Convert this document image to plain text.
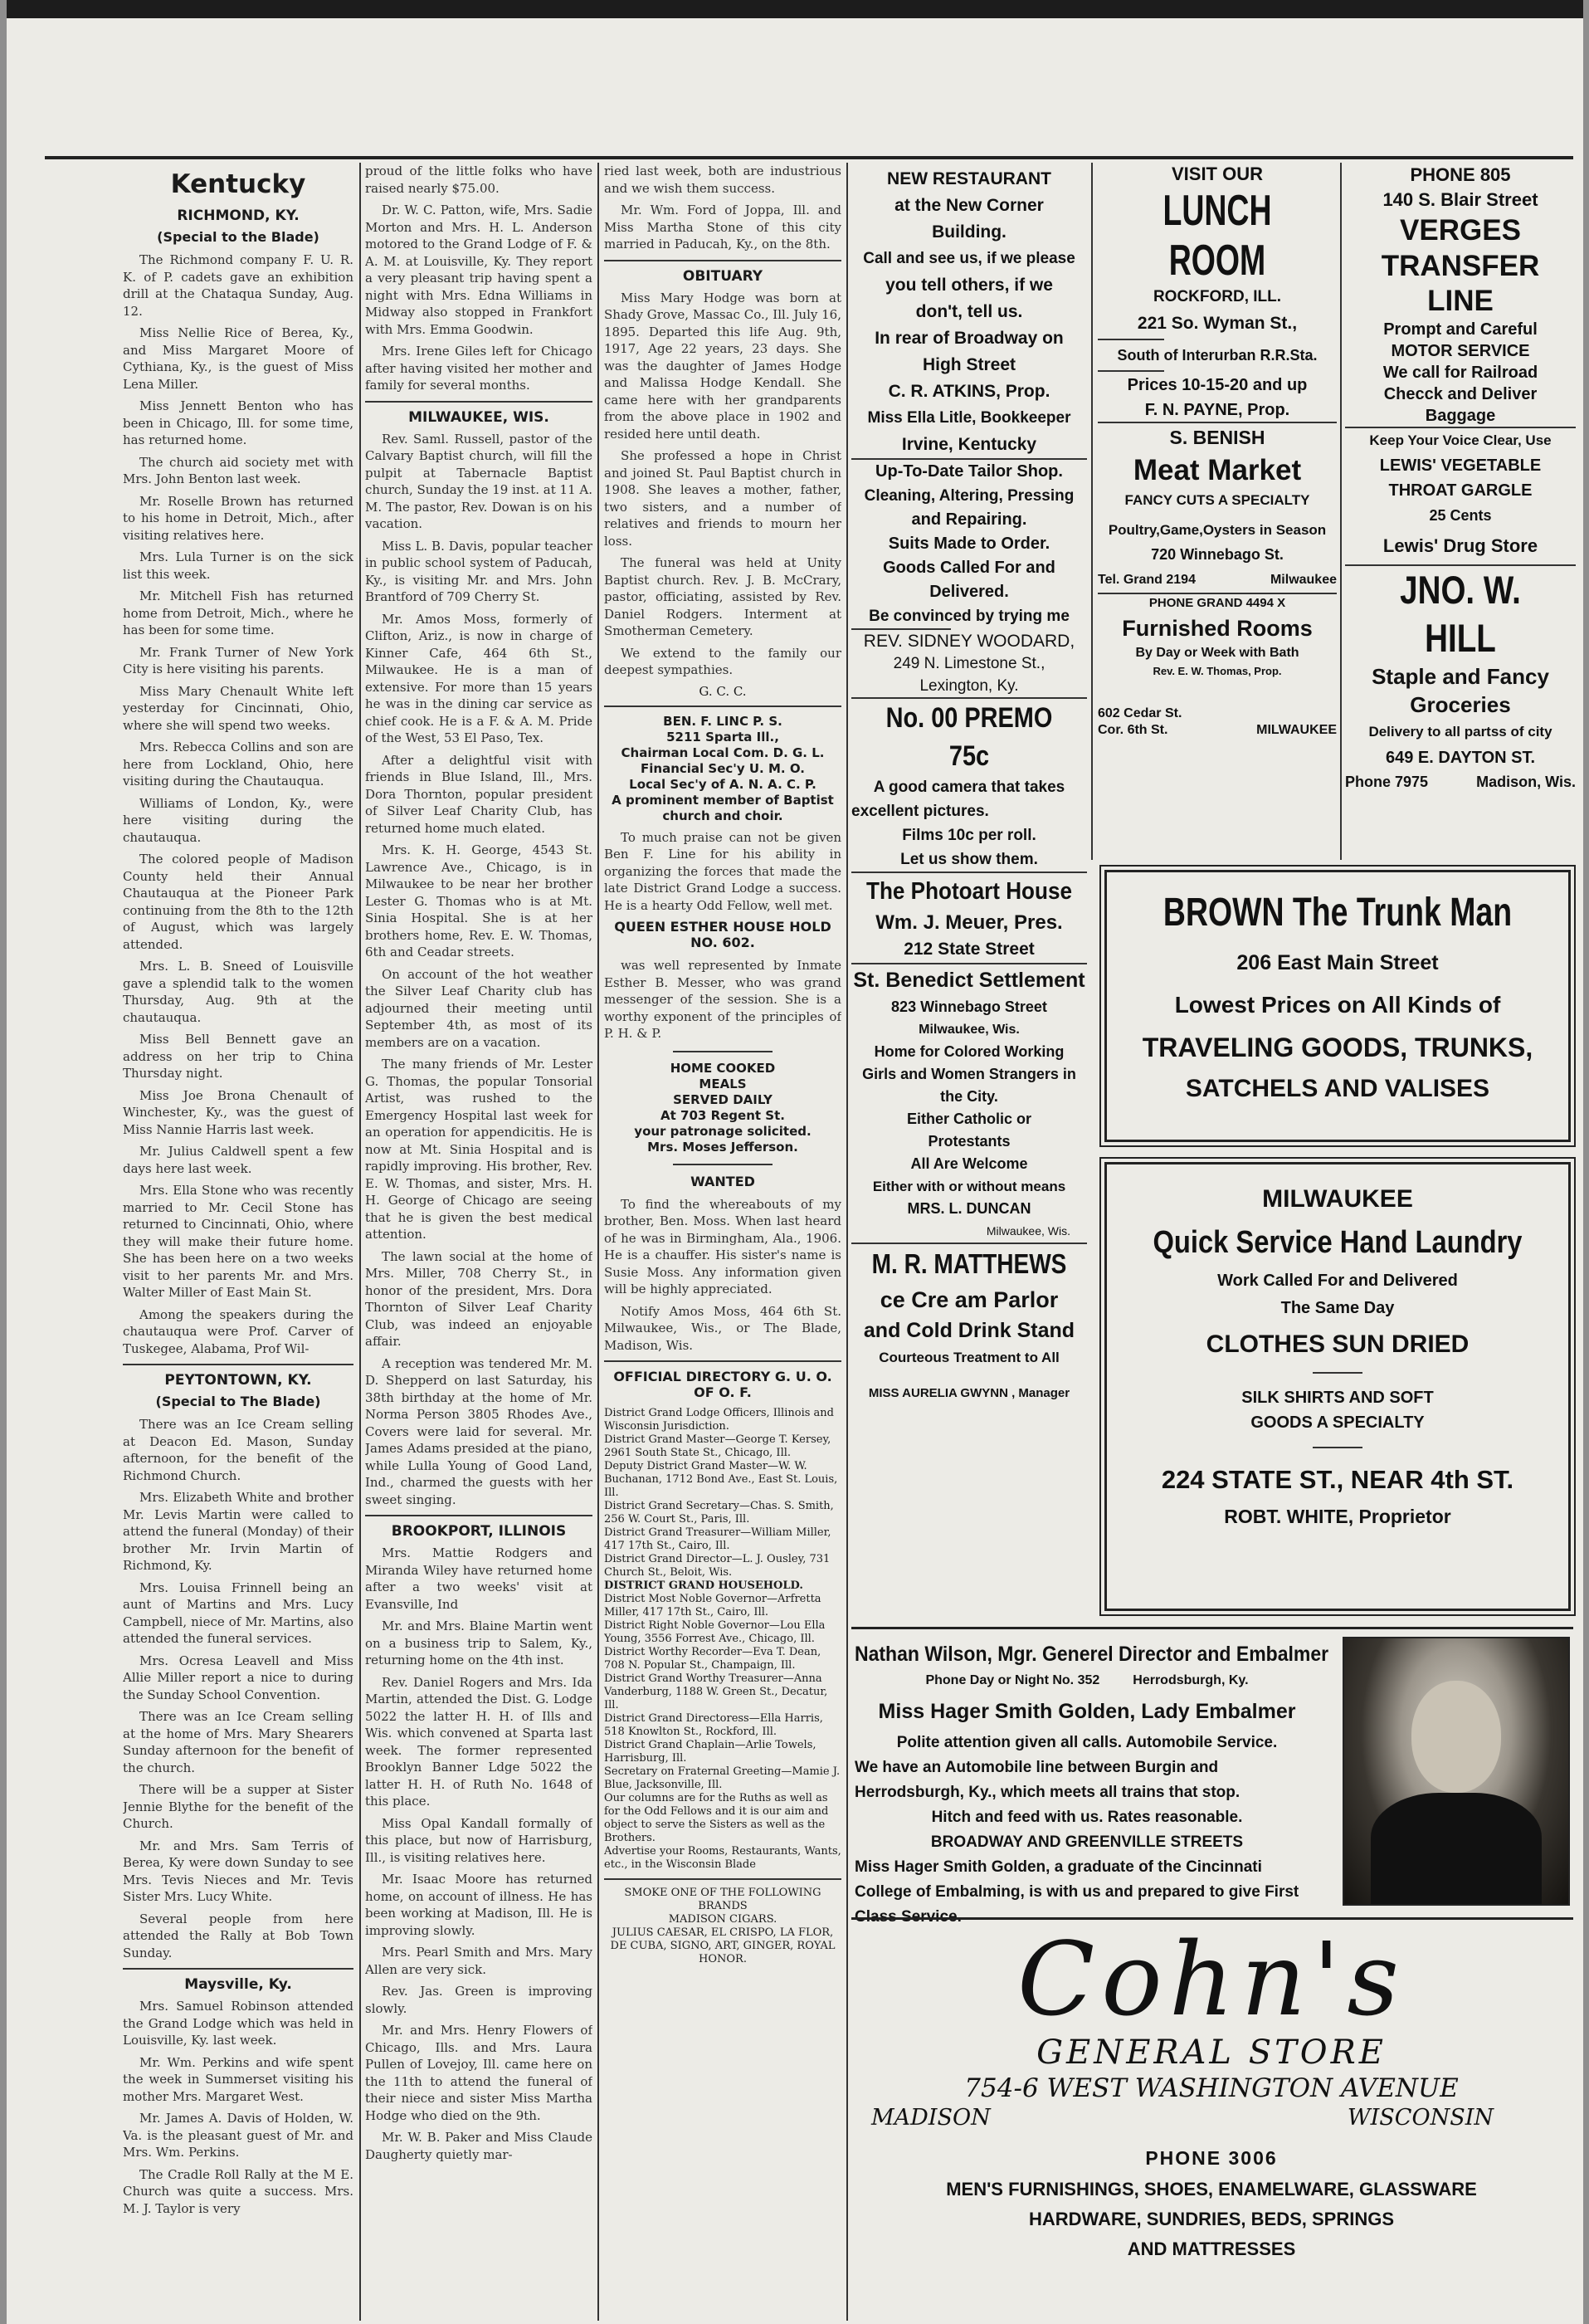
Kentucky
RICHMOND, KY.
(Special to the Blade)

The Richmond company F. U. R. K. of P. cadets gave an exhibition drill at the Chataqua Sunday, Aug. 12.

Miss Nellie Rice of Berea, Ky., and Miss Margaret Moore of Cythiana, Ky., is the guest of Miss Lena Miller.

Miss Jennett Benton who has been in Chicago, Ill. for some time, has returned home.

The church aid society met with Mrs. John Benton last week.

Mr. Roselle Brown has returned to his home in Detroit, Mich., after visiting relatives here.

Mrs. Lula Turner is on the sick list this week.

Mr. Mitchell Fish has returned home from Detroit, Mich., where he has been for some time.

Mr. Frank Turner of New York City is here visiting his parents.

Miss Mary Chenault White left yesterday for Cincinnati, Ohio, where she will spend two weeks.

Mrs. Rebecca Collins and son are here from Lockland, Ohio, here visiting during the Chautauqua.

Williams of London, Ky., were here visiting during the chautauqua.

The colored people of Madison County held their Annual Chautauqua at the Pioneer Park continuing from the 8th to the 12th of August, which was largely attended.

Mrs. L. B. Sneed of Louisville gave a splendid talk to the women Thursday, Aug. 9th at the chautauqua.

Miss Bell Bennett gave an address on her trip to China Thursday night.

Miss Joe Brona Chenault of Winchester, Ky., was the guest of Miss Nannie Harris last week.

Mr. Julius Caldwell spent a few days here last week.

Mrs. Ella Stone who was recently married to Mr. Cecil Stone has returned to Cincinnati, Ohio, where they will make their future home. She has been here on a two weeks visit to her parents Mr. and Mrs. Walter Miller of East Main St.

Among the speakers during the chautauqua were Prof. Carver of Tuskegee, Alabama, Prof Wil-

PEYTONTOWN, KY.
(Special to The Blade)

There was an Ice Cream selling at Deacon Ed. Mason, Sunday afternoon, for the benefit of the Richmond Church.

Mrs. Elizabeth White and brother Mr. Levis Martin were called to attend the funeral (Monday) of their brother Mr. Irvin Martin of Richmond, Ky.

Mrs. Louisa Frinnell being an aunt of Martins and Mrs. Lucy Campbell, niece of Mr. Martins, also attended the funeral services.

Mrs. Ocresa Leavell and Miss Allie Miller report a nice to during the Sunday School Convention.

There was an Ice Cream selling at the home of Mrs. Mary Shearers Sunday afternoon for the benefit of the church.

There will be a supper at Sister Jennie Blythe for the benefit of the Church.

Mr. and Mrs. Sam Terris of Berea, Ky were down Sunday to see Mrs. Tevis Nieces and Mr. Tevis Sister Mrs. Lucy White.

Several people from here attended the Rally at Bob Town Sunday.

Maysville, Ky.

Mrs. Samuel Robinson attended the Grand Lodge which was held in Louisville, Ky. last week.

Mr. Wm. Perkins and wife spent the week in Summerset visiting his mother Mrs. Margaret West.

Mr. James A. Davis of Holden, W. Va. is the pleasant guest of Mr. and Mrs. Wm. Perkins.

The Cradle Roll Rally at the M E. Church was quite a success. Mrs. M. J. Taylor is very

proud of the little folks who have raised nearly $75.00.

Dr. W. C. Patton, wife, Mrs. Sadie Morton and Mrs. H. L. Anderson motored to the Grand Lodge of F. & A. M. at Louisville, Ky. They report a very pleasant trip having spent a night with Mrs. Edna Williams in Midway also stopped in Frankfort with Mrs. Emma Goodwin.

Mrs. Irene Giles left for Chicago after having visited her mother and family for several months.

MILWAUKEE, WIS.

Rev. Saml. Russell, pastor of the Calvary Baptist church, will fill the pulpit at Tabernacle Baptist church, Sunday the 19 inst. at 11 A. M. The pastor, Rev. Dowan is on his vacation.

Miss L. B. Davis, popular teacher in public school system of Paducah, Ky., is visiting Mr. and Mrs. John Brantford of 709 Cherry St.

Mr. Amos Moss, formerly of Clifton, Ariz., is now in charge of Kinner Cafe, 464 6th St., Milwaukee. He is a man of extensive. For more than 15 years he was in the dining car service as chief cook. He is a F. & A. M. Pride of the West, 53 El Paso, Tex.

After a delightful visit with friends in Blue Island, Ill., Mrs. Dora Thornton, popular president of Silver Leaf Charity Club, has returned home much elated.

Mrs. K. H. George, 4543 St. Lawrence Ave., Chicago, is in Milwaukee to be near her brother Lester G. Thomas who is at Mt. Sinia Hospital. She is at her brothers home, Rev. E. W. Thomas, 6th and Ceadar streets.

On account of the hot weather the Silver Leaf Charity club has adjourned their meeting until September 4th, as most of its members are on a vacation.

The many friends of Mr. Lester G. Thomas, the popular Tonsorial Artist, was rushed to the Emergency Hospital last week for an operation for appendicitis. He is now at Mt. Sinia Hospital and is rapidly improving. His brother, Rev. E. W. Thomas, and sister, Mrs. H. H. George of Chicago are seeing that he is given the best medical attention.

The lawn social at the home of Mrs. Miller, 708 Cherry St., in honor of the president, Mrs. Dora Thornton of Silver Leaf Charity Club, was indeed an enjoyable affair.

A reception was tendered Mr. M. D. Shepperd on last Saturday, his 38th birthday at the home of Mr. Norma Person 3805 Rhodes Ave., Covers were laid for several. Mr. James Adams presided at the piano, while Lulla Young of Good Land, Ind., charmed the guests with her sweet singing.

BROOKPORT, ILLINOIS

Mrs. Mattie Rodgers and Miranda Wiley have returned home after a two weeks' visit at Evansville, Ind

Mr. and Mrs. Blaine Martin went on a business trip to Salem, Ky., returning home on the 4th inst.

Rev. Daniel Rogers and Mrs. Ida Martin, attended the Dist. G. Lodge 5022 the latter H. H. of Ills and Wis. which convened at Sparta last week. The former represented Brooklyn Banner Ldge 5022 the latter H. H. of Ruth No. 1648 of this place.

Miss Opal Kandall formally of this place, but now of Harrisburg, Ill., is visiting relatives here.

Mr. Isaac Moore has returned home, on account of illness. He has been working at Madison, Ill. He is improving slowly.

Mrs. Pearl Smith and Mrs. Mary Allen are very sick.

Rev. Jas. Green is improving slowly.

Mr. and Mrs. Henry Flowers of Chicago, Ills. and Mrs. Laura Pullen of Lovejoy, Ill. came here on the 11th to attend the funeral of their niece and sister Miss Martha Hodge who died on the 9th.

Mr. W. B. Paker and Miss Claude Daugherty quietly mar-

ried last week, both are industrious and we wish them success.

Mr. Wm. Ford of Joppa, Ill. and Miss Martha Stone of this city married in Paducah, Ky., on the 8th.

OBITUARY

Miss Mary Hodge was born at Shady Grove, Massac Co., Ill. July 16, 1895. Departed this life Aug. 9th, 1917, Age 22 years, 23 days. She was the daughter of James Hodge and Malissa Hodge Kendall. She came here with her grandparents from the above place in 1902 and resided here until death.

She professed a hope in Christ and joined St. Paul Baptist church in 1908. She leaves a mother, father, two sisters, and a number of relatives and friends to mourn her loss.

The funeral was held at Unity Baptist church. Rev. J. B. McCrary, pastor, officiating, assisted by Rev. Daniel Rodgers. Interment at Smotherman Cemetery.

We extend to the family our deepest sympathies.

G. C. C.
BEN. F. LINC P. S.
5211 Sparta Ill.,
Chairman Local Com. D. G. L.
Financial Sec'y U. M. O.
Local Sec'y of A. N. A. C. P.
A prominent member of Baptist church and choir.

To much praise can not be given Ben F. Line for his ability in organizing the forces that made the late District Grand Lodge a success. He is a hearty Odd Fellow, well met.

QUEEN ESTHER HOUSE HOLD NO. 602.

was well represented by Inmate Esther B. Messer, who was grand messenger of the session. She is a worthy exponent of the principles of P. H. & P.

HOME COOKED
MEALS
SERVED DAILY
At 703 Regent St.
your patronage solicited.
Mrs. Moses Jefferson.
WANTED

To find the whereabouts of my brother, Ben. Moss. When last heard of he was in Birmingham, Ala., 1906. He is a chauffer. His sister's name is Susie Moss. Any information given will be highly appreciated.

Notify Amos Moss, 464 6th St. Milwaukee, Wis., or The Blade, Madison, Wis.

OFFICIAL DIRECTORY G. U. O. OF O. F.
District Grand Lodge Officers, Illinois and Wisconsin Jurisdiction.
District Grand Master—George T. Kersey, 2961 South State St., Chicago, Ill.
Deputy District Grand Master—W. W. Buchanan, 1712 Bond Ave., East St. Louis, Ill.
District Grand Secretary—Chas. S. Smith, 256 W. Court St., Paris, Ill.
District Grand Treasurer—William Miller, 417 17th St., Cairo, Ill.
District Grand Director—L. J. Ousley, 731 Church St., Beloit, Wis.
DISTRICT GRAND HOUSEHOLD.
District Most Noble Governor—Arfretta Miller, 417 17th St., Cairo, Ill.
District Right Noble Governor—Lou Ella Young, 3556 Forrest Ave., Chicago, Ill.
District Worthy Recorder—Eva T. Dean, 708 N. Popular St., Champaign, Ill.
District Grand Worthy Treasurer—Anna Vanderburg, 1188 W. Green St., Decatur, Ill.
District Grand Directoress—Ella Harris, 518 Knowlton St., Rockford, Ill.
District Grand Chaplain—Arlie Towels, Harrisburg, Ill.
Secretary on Fraternal Greeting—Mamie J. Blue, Jacksonville, Ill.
Our columns are for the Ruths as well as for the Odd Fellows and it is our aim and object to serve the Sisters as well as the Brothers.
Advertise your Rooms, Restaurants, Wants, etc., in the Wisconsin Blade
SMOKE ONE OF THE FOLLOWING BRANDS
MADISON CIGARS.
JULIUS CAESAR, EL CRISPO, LA FLOR, DE CUBA, SIGNO, ART, GINGER, ROYAL HONOR.
NEW RESTAURANT
at the New Corner
Building.
Call and see us, if we please
you tell others, if we
don't, tell us.
In rear of Broadway on
High Street
C. R. ATKINS, Prop.
Miss Ella Litle, Bookkeeper
Irvine, Kentucky
Up-To-Date Tailor Shop.
Cleaning, Altering, Pressing
and Repairing.
Suits Made to Order.
Goods Called For and
Delivered.
Be convinced by trying me
REV. SIDNEY WOODARD,
249 N. Limestone St.,
Lexington, Ky.
No. 00 PREMO 75c
A good camera that takes
excellent pictures.
Films 10c per roll.
Let us show them.
The Photoart House
Wm. J. Meuer, Pres.
212 State Street
St. Benedict Settlement
823 Winnebago Street
Milwaukee, Wis.
Home for Colored Working
Girls and Women Strangers in the City.
Either Catholic or
Protestants
All Are Welcome
Either with or without means
MRS. L. DUNCAN
Milwaukee, Wis.
M. R. MATTHEWS
ce Cre am Parlor
and Cold Drink Stand
Courteous Treatment to All
MISS AURELIA GWYNN , Manager
VISIT OUR
LUNCH ROOM
ROCKFORD, ILL.
221 So. Wyman St.,
South of Interurban R.R.Sta.
Prices 10-15-20 and up
F. N. PAYNE, Prop.
S. BENISH
Meat Market
FANCY CUTS A SPECIALTY
Poultry,Game,Oysters in Season
720 Winnebago St.
Tel. Grand 2194	Milwaukee
PHONE GRAND 4494 X
Furnished Rooms
By Day or Week with Bath
Rev. E. W. Thomas, Prop.
602 Cedar St.
Cor. 6th St.	MILWAUKEE
PHONE 805
140 S. Blair Street
VERGES
TRANSFER
LINE
Prompt and Careful
MOTOR SERVICE
We call for Railroad
Checck and Deliver
Baggage
Keep Your Voice Clear, Use
LEWIS' VEGETABLE
THROAT GARGLE
25 Cents
Lewis' Drug Store
JNO. W. HILL
Staple and Fancy
Groceries
Delivery to all partss of city
649 E. DAYTON ST.
Phone 7975	Madison, Wis.
BROWN The Trunk Man
206 East Main Street
Lowest Prices on All Kinds of
TRAVELING GOODS, TRUNKS,
SATCHELS AND VALISES
MILWAUKEE
Quick Service Hand Laundry
Work Called For and Delivered
The Same Day
CLOTHES SUN DRIED
SILK SHIRTS AND SOFT
GOODS A SPECIALTY
224 STATE ST., NEAR 4th ST.
ROBT. WHITE, Proprietor
Nathan Wilson, Mgr. Generel Director and Embalmer
Phone Day or Night No. 352	Herrodsburgh, Ky.
Miss Hager Smith Golden, Lady Embalmer
Polite attention given all calls. Automobile Service.
We have an Automobile line between Burgin and Herrodsburgh, Ky., which meets all trains that stop.
Hitch and feed with us. Rates reasonable.
BROADWAY AND GREENVILLE STREETS
Miss Hager Smith Golden, a graduate of the Cincinnati College of Embalming, is with us and prepared to give First Class Service.
Cohn's
GENERAL STORE
754-6 WEST WASHINGTON AVENUE
MADISON	WISCONSIN
PHONE 3006
MEN'S FURNISHINGS, SHOES, ENAMELWARE, GLASSWARE
HARDWARE, SUNDRIES, BEDS, SPRINGS
AND MATTRESSES
